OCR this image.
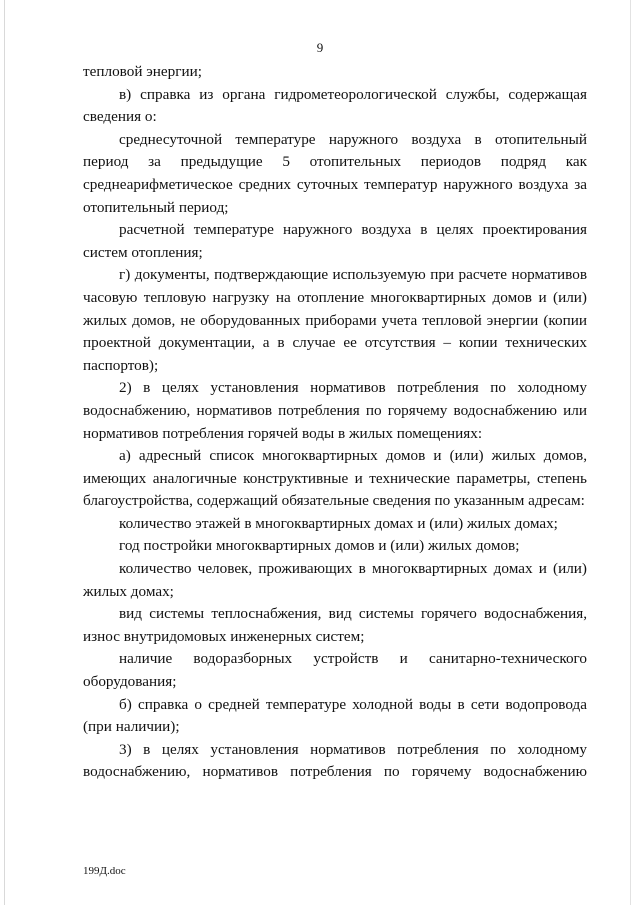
9

тепловой энергии;

в) справка из органа гидрометеорологической службы, содержащая сведения о:

среднесуточной температуре наружного воздуха в отопительный период за предыдущие 5 отопительных периодов подряд как среднеарифметическое средних суточных температур наружного воздуха за отопительный период;

расчетной температуре наружного воздуха в целях проектирования систем отопления;

г) документы, подтверждающие используемую при расчете нормативов часовую тепловую нагрузку на отопление многоквартирных домов и (или) жилых домов, не оборудованных приборами учета тепловой энергии (копии проектной документации, а в случае ее отсутствия – копии технических паспортов);

2) в целях установления нормативов потребления по холодному водоснабжению, нормативов потребления по горячему водоснабжению или нормативов потребления горячей воды в жилых помещениях:

а) адресный список многоквартирных домов и (или) жилых домов, имеющих аналогичные конструктивные и технические параметры, степень благоустройства, содержащий обязательные сведения по указанным адресам:

количество этажей в многоквартирных домах и (или) жилых домах;

год постройки многоквартирных домов и (или) жилых домов;

количество человек, проживающих в многоквартирных домах и (или) жилых домах;

вид системы теплоснабжения, вид системы горячего водоснабжения, износ внутридомовых инженерных систем;

наличие водоразборных устройств и санитарно-технического оборудования;

б) справка о средней температуре холодной воды в сети водопровода (при наличии);

3) в целях установления нормативов потребления по холодному водоснабжению, нормативов потребления по горячему водоснабжению

199Д.doc
